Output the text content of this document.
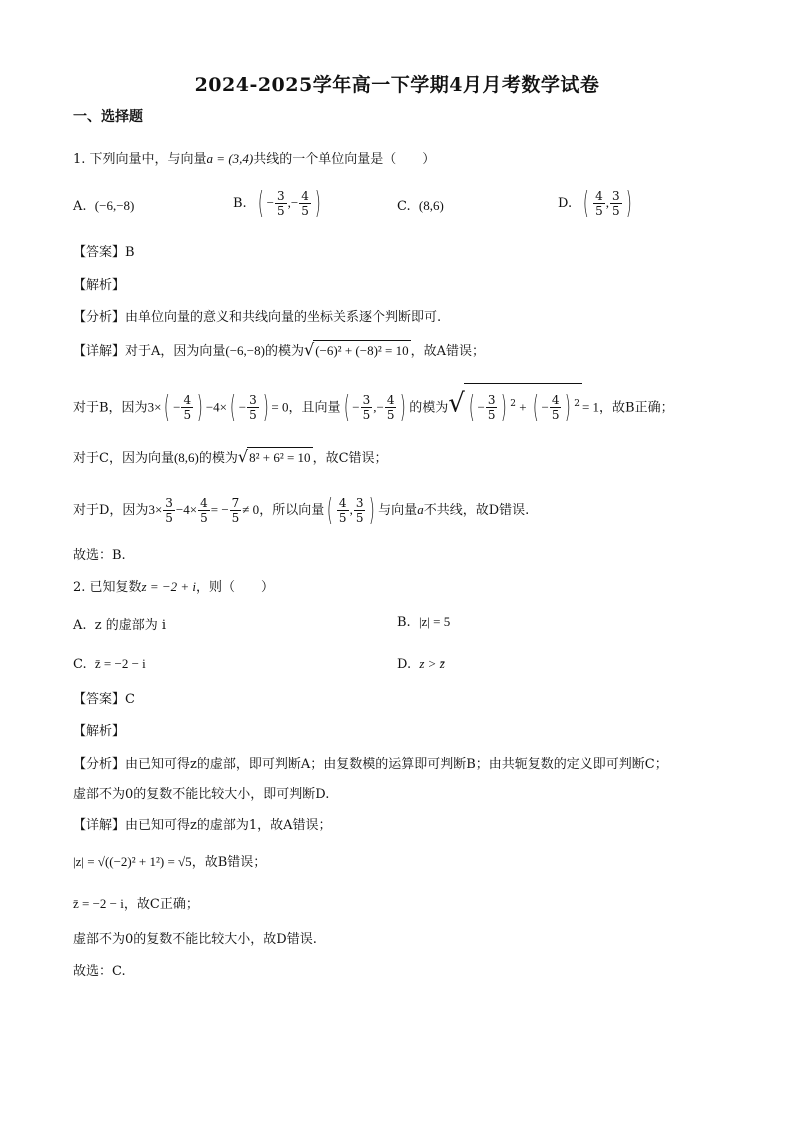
2024-2025学年高一下学期4月月考数学试卷
一、选择题
1. 下列向量中，与向量a = (3,4)共线的一个单位向量是（　　）
A. (−6,−8)	B. ( − $\frac{3}{5}$ ,− $\frac{4}{5}$ )	C. (8,6)	D. ( $\frac{4}{5}$ , $\frac{3}{5}$ )
【答案】B
【解析】
【分析】由单位向量的意义和共线向量的坐标关系逐个判断即可.
【详解】对于A，因为向量(−6,−8)的模为√(−6)² + (−8)² = 10 ，故A错误；
对于B，因为$3\times( - \frac{4}{5}$ ) $-4\times( - \frac{3}{5}$ ) = 0，且向量( − $\frac{3}{5}$ ,− $\frac{4}{5}$ ) 的模为√ ( − $\frac{3}{5}$ ) $^2$ + ( − $\frac{4}{5}$ ) $^2$ = 1，故B正确；
对于C，因为向量(8,6)的模为√8² + 6² = 10 ，故C错误；
对于D，因为$3\times \frac{3}{5} -4\times \frac{4}{5}$ = − $\frac{7}{5} \ne 0$，所以向量( $\frac{4}{5}$ , $\frac{3}{5}$ ) 与向量a不共线，故D错误.
故选：B.
2. 已知复数z = −2 + i，则（　　）
A. z 的虚部为 i	B. |z| = 5
C. z̄ = −2 − i	D. z > z̄
【答案】C
【解析】
【分析】由已知可得z的虚部，即可判断A；由复数模的运算即可判断B；由共轭复数的定义即可判断C；
虚部不为0的复数不能比较大小，即可判断D.
【详解】由已知可得z的虚部为1，故A错误；
|z| = √((−2)² + 1²) = √5，故B错误；
z̄ = −2 − i，故C正确；
虚部不为0的复数不能比较大小，故D错误.
故选：C.
